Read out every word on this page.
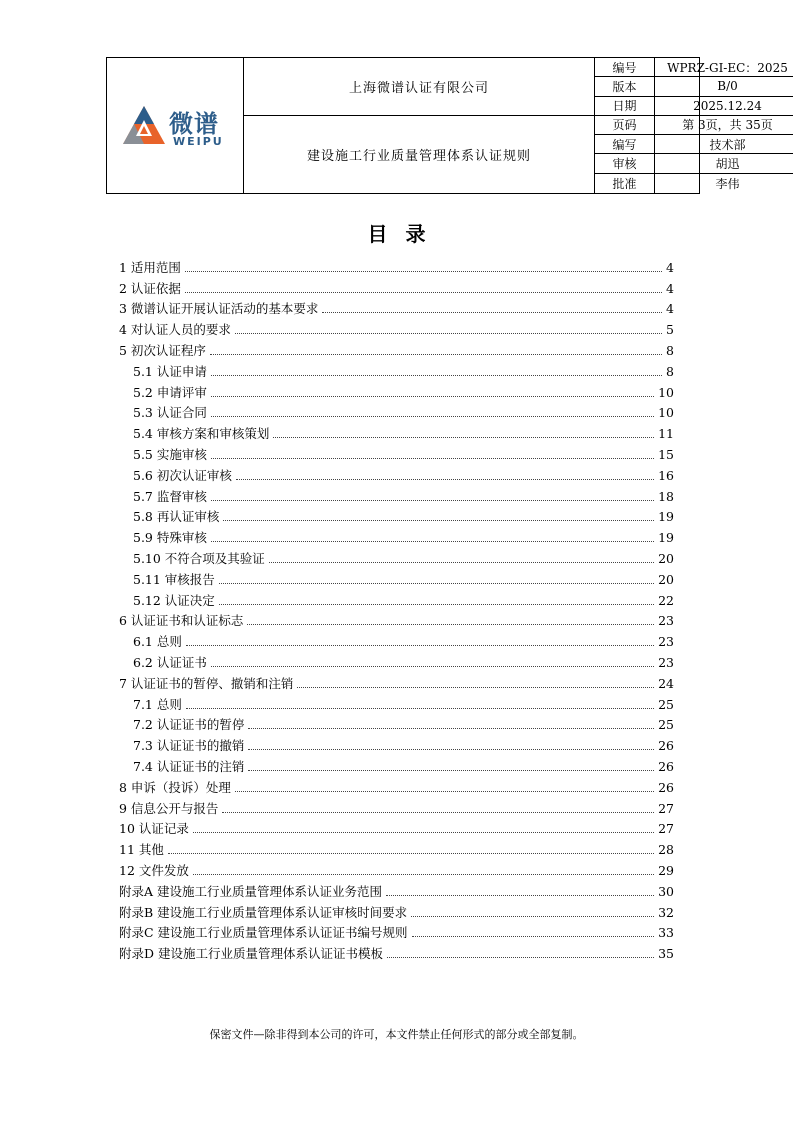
微谱
WEIPU
上海微谱认证有限公司
建设施工行业质量管理体系认证规则
编号	WPRZ-GI-EC：2025
版本	B/0
日期	2025.12.24
页码	第 3页，共 35页
编写	技术部
审核	胡迅
批准	李伟
目录
1 适用范围	4
2 认证依据	4
3 微谱认证开展认证活动的基本要求	4
4 对认证人员的要求	5
5 初次认证程序	8
5.1 认证申请	8
5.2 申请评审	10
5.3 认证合同	10
5.4 审核方案和审核策划	11
5.5 实施审核	15
5.6 初次认证审核	16
5.7 监督审核	18
5.8 再认证审核	19
5.9 特殊审核	19
5.10 不符合项及其验证	20
5.11 审核报告	20
5.12 认证决定	22
6 认证证书和认证标志	23
6.1 总则	23
6.2 认证证书	23
7 认证证书的暂停、撤销和注销	24
7.1 总则	25
7.2 认证证书的暂停	25
7.3 认证证书的撤销	26
7.4 认证证书的注销	26
8 申诉（投诉）处理	26
9 信息公开与报告	27
10 认证记录	27
11 其他	28
12 文件发放	29
附录A 建设施工行业质量管理体系认证业务范围	30
附录B 建设施工行业质量管理体系认证审核时间要求	32
附录C 建设施工行业质量管理体系认证证书编号规则	33
附录D 建设施工行业质量管理体系认证证书模板	35
保密文件—除非得到本公司的许可，本文件禁止任何形式的部分或全部复制。
